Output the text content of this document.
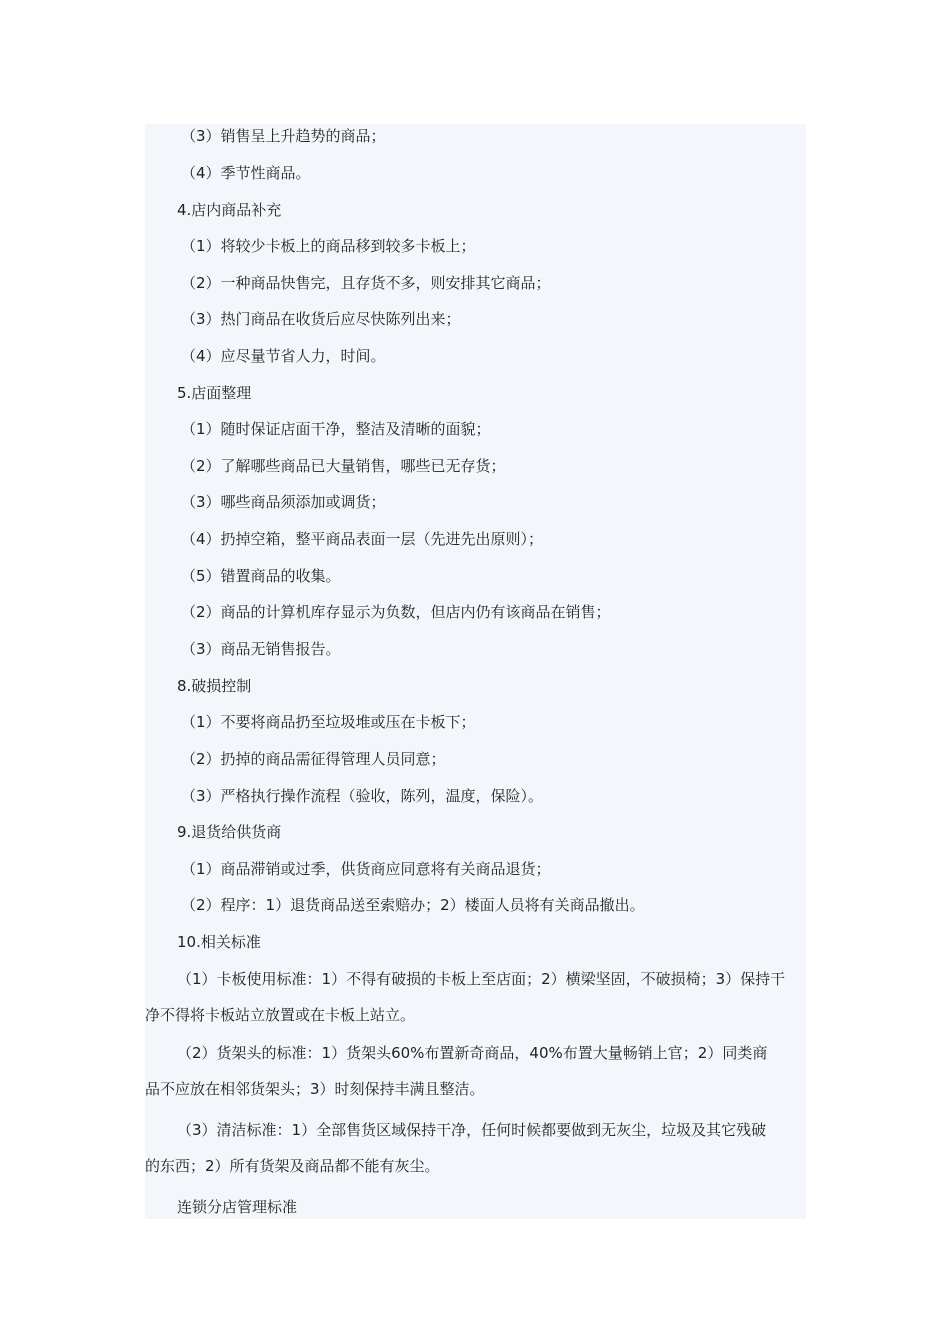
（3）销售呈上升趋势的商品；
（4）季节性商品。
4.店内商品补充
（1）将较少卡板上的商品移到较多卡板上；
（2）一种商品快售完，且存货不多，则安排其它商品；
（3）热门商品在收货后应尽快陈列出来；
（4）应尽量节省人力，时间。
5.店面整理
（1）随时保证店面干净，整洁及清晰的面貌；
（2）了解哪些商品已大量销售，哪些已无存货；
（3）哪些商品须添加或调货；
（4）扔掉空箱，整平商品表面一层（先进先出原则）；
（5）错置商品的收集。
（2）商品的计算机库存显示为负数，但店内仍有该商品在销售；
（3）商品无销售报告。
8.破损控制
（1）不要将商品扔至垃圾堆或压在卡板下；
（2）扔掉的商品需征得管理人员同意；
（3）严格执行操作流程（验收，陈列，温度，保险）。
9.退货给供货商
（1）商品滞销或过季，供货商应同意将有关商品退货；
（2）程序：1）退货商品送至索赔办；2）楼面人员将有关商品撤出。
10.相关标准
（1）卡板使用标准：1）不得有破损的卡板上至店面；2）横梁坚固，不破损椅；3）保持干
净不得将卡板站立放置或在卡板上站立。
（2）货架头的标准：1）货架头60%布置新奇商品，40%布置大量畅销上官；2）同类商
品不应放在相邻货架头；3）时刻保持丰满且整洁。
（3）清洁标准：1）全部售货区域保持干净，任何时候都要做到无灰尘，垃圾及其它残破
的东西；2）所有货架及商品都不能有灰尘。
连锁分店管理标准
